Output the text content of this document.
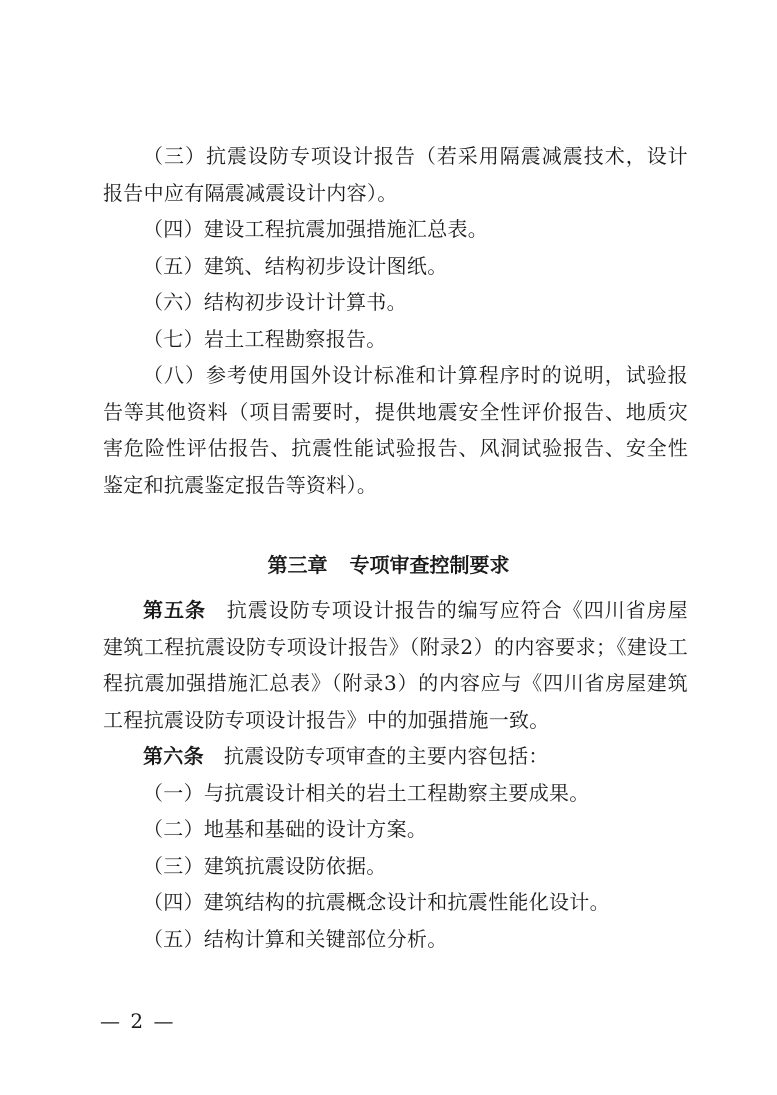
（三）抗震设防专项设计报告（若采用隔震减震技术，设计报告中应有隔震减震设计内容）。

（四）建设工程抗震加强措施汇总表。

（五）建筑、结构初步设计图纸。

（六）结构初步设计计算书。

（七）岩土工程勘察报告。

（八）参考使用国外设计标准和计算程序时的说明，试验报告等其他资料（项目需要时，提供地震安全性评价报告、地质灾害危险性评估报告、抗震性能试验报告、风洞试验报告、安全性鉴定和抗震鉴定报告等资料）。

第三章 专项审查控制要求

第五条 抗震设防专项设计报告的编写应符合《四川省房屋建筑工程抗震设防专项设计报告》（附录2）的内容要求；《建设工程抗震加强措施汇总表》（附录3）的内容应与《四川省房屋建筑工程抗震设防专项设计报告》中的加强措施一致。

第六条 抗震设防专项审查的主要内容包括：

（一）与抗震设计相关的岩土工程勘察主要成果。

（二）地基和基础的设计方案。

（三）建筑抗震设防依据。

（四）建筑结构的抗震概念设计和抗震性能化设计。

（五）结构计算和关键部位分析。

— 2 —
